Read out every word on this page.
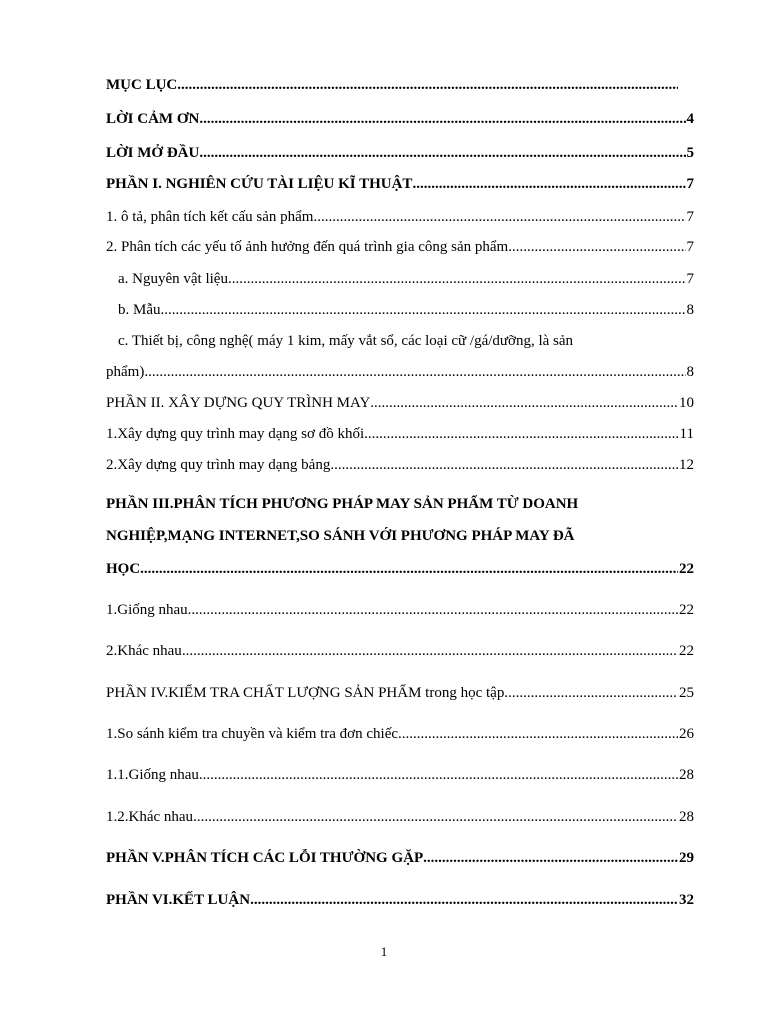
MỤC LỤC
.....
LỜI CẢM ƠN .....	4
LỜI MỞ ĐẦU .....	5
PHẦN I. NGHIÊN CỨU TÀI LIỆU KĨ THUẬT .....	7
1. ô tả, phân tích kết cấu sản phẩm .....	7
2. Phân tích các yếu tố ảnh hưởng đến quá trình gia công sản phẩm .....	7
a. Nguyên vật liệu .....	7
b. Mẫu .....	8
c. Thiết bị, công nghệ( máy 1 kim, mấy vắt sổ, các loại cữ /gá/dưỡng, là sản
phẩm) .....	8
PHẦN II. XÂY DỰNG QUY TRÌNH MAY .....	10
1.Xây dựng quy trình may dạng sơ đồ khối .....	11
2.Xây dựng quy trình may dạng bảng .....	12
PHẦN III.PHÂN TÍCH PHƯƠNG PHÁP MAY SẢN PHẨM TỪ DOANH
NGHIỆP,MẠNG INTERNET,SO SÁNH VỚI PHƯƠNG PHÁP MAY ĐÃ
HỌC .....	22
1.Giống nhau .....	22
2.Khác nhau .....	22
PHẦN IV.KIỂM TRA CHẤT LƯỢNG SẢN PHẨM trong học tập .....	25
1.So sánh kiểm tra chuyền và kiểm tra đơn chiếc .....	26
1.1.Giống nhau .....	28
1.2.Khác nhau .....	28
PHẦN V.PHÂN TÍCH CÁC LỖI THƯỜNG GẶP .....	29
PHẦN VI.KẾT LUẬN .....	32
1
